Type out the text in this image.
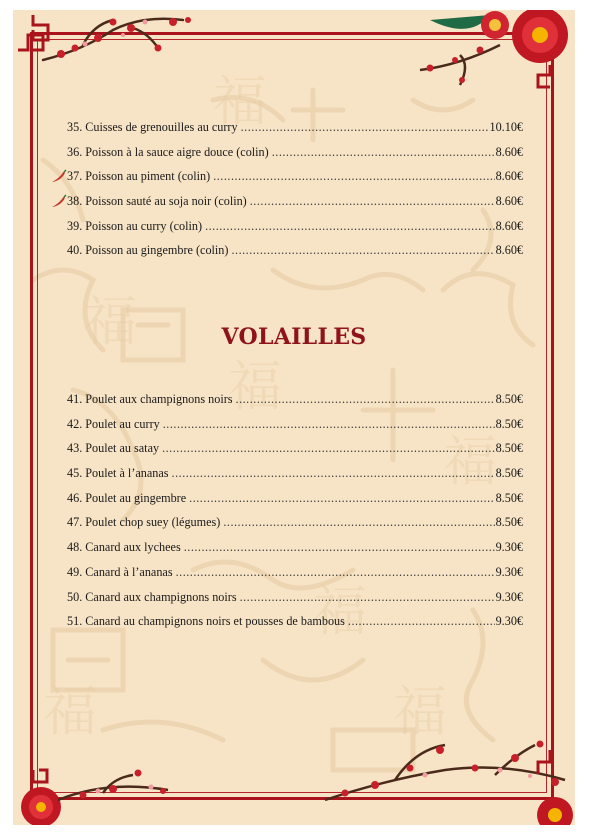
福
福
福
福
福
福
福
35. Cuisses de grenouilles au curry .....	10.10€
36. Poisson à la sauce aigre douce (colin) .....	8.60€
37. Poisson au piment (colin) .....	8.60€
38. Poisson sauté au soja noir (colin) .....	8.60€
39. Poisson au curry (colin) .....	8.60€
40. Poisson au gingembre (colin) .....	8.60€
VOLAILLES
41. Poulet aux champignons noirs .....	8.50€
42. Poulet au curry .....	8.50€
43. Poulet au satay .....	8.50€
45. Poulet à l’ananas .....	8.50€
46. Poulet au gingembre .....	8.50€
47. Poulet chop suey (légumes) .....	8.50€
48. Canard aux lychees .....	9.30€
49. Canard à l’ananas .....	9.30€
50. Canard aux champignons noirs .....	9.30€
51. Canard au champignons noirs et pousses de bambous .....	9.30€
